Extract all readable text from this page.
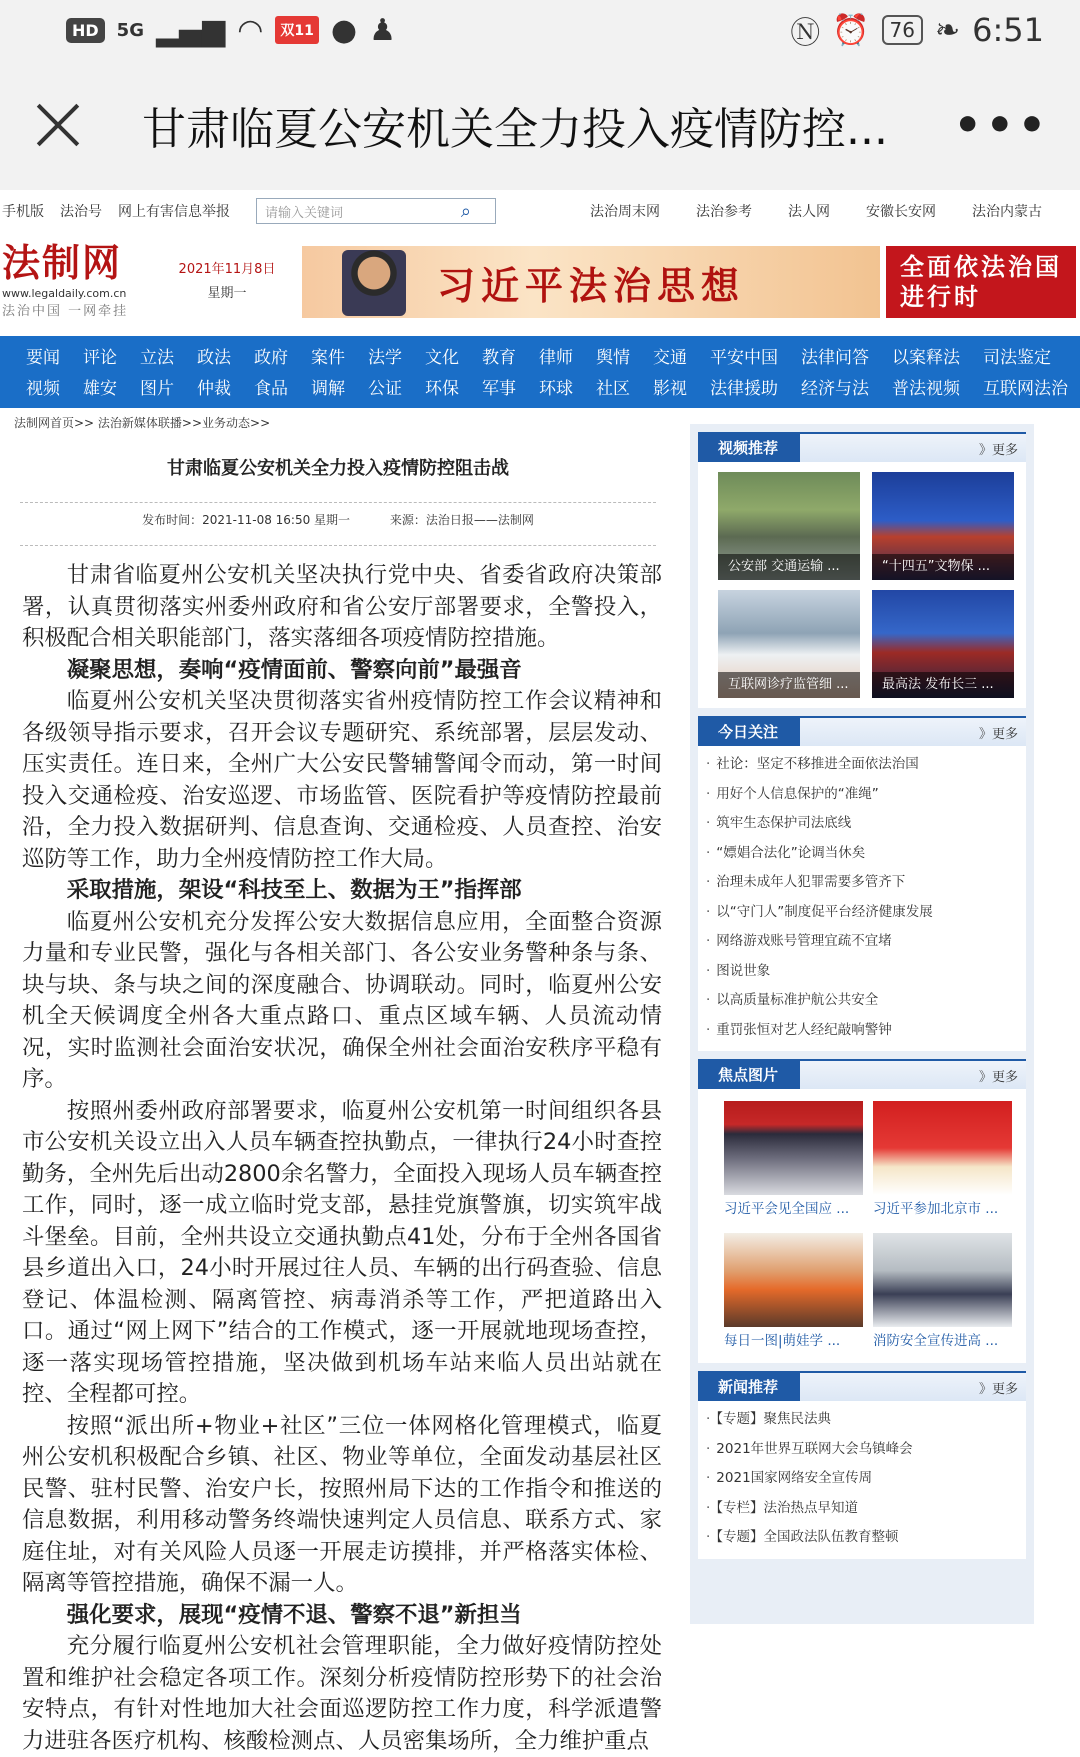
HD	5G ▂▄▆ ◠	双11 ● ♟	Ⓝ ⏰	76 ❧ 6:51
甘肃临夏公安机关全力投入疫情防控...	•••
手机版 法治号 网上有害信息举报	请输入关键词	⌕	法治周末网	法治参考	法人网	安徽长安网	法治内蒙古
法制网
www.legaldaily.com.cn
法治中国 一网牵挂
2021年11月8日
星期一	习近平法治思想	全面依法治国进行时
要闻 评论 立法 政法 政府 案件 法学 文化 教育 律师 舆情 交通 平安中国 法律问答 以案释法 司法鉴定
视频 雄安 图片 仲裁 食品 调解 公证 环保 军事 环球 社区 影视 法律援助 经济与法 普法视频 互联网法治
法制网首页>> 法治新媒体联播>>业务动态>>
甘肃临夏公安机关全力投入疫情防控阻击战
发布时间：2021-11-08 16:50 星期一	来源：法治日报——法制网

甘肃省临夏州公安机关坚决执行党中央、省委省政府决策部署，认真贯彻落实州委州政府和省公安厅部署要求，全警投入，积极配合相关职能部门，落实落细各项疫情防控措施。

凝聚思想，奏响“疫情面前、警察向前”最强音

临夏州公安机关坚决贯彻落实省州疫情防控工作会议精神和各级领导指示要求，召开会议专题研究、系统部署，层层发动、压实责任。连日来，全州广大公安民警辅警闻令而动，第一时间投入交通检疫、治安巡逻、市场监管、医院看护等疫情防控最前沿，全力投入数据研判、信息查询、交通检疫、人员查控、治安巡防等工作，助力全州疫情防控工作大局。

采取措施，架设“科技至上、数据为王”指挥部

临夏州公安机充分发挥公安大数据信息应用，全面整合资源力量和专业民警，强化与各相关部门、各公安业务警种条与条、块与块、条与块之间的深度融合、协调联动。同时，临夏州公安机全天候调度全州各大重点路口、重点区域车辆、人员流动情况，实时监测社会面治安状况，确保全州社会面治安秩序平稳有序。

按照州委州政府部署要求，临夏州公安机第一时间组织各县市公安机关设立出入人员车辆查控执勤点，一律执行24小时查控勤务，全州先后出动2800余名警力，全面投入现场人员车辆查控工作，同时，逐一成立临时党支部，悬挂党旗警旗，切实筑牢战斗堡垒。目前，全州共设立交通执勤点41处，分布于全州各国省县乡道出入口，24小时开展过往人员、车辆的出行码查验、信息登记、体温检测、隔离管控、病毒消杀等工作，严把道路出入口。通过“网上网下”结合的工作模式，逐一开展就地现场查控，逐一落实现场管控措施，坚决做到机场车站来临人员出站就在控、全程都可控。

按照“派出所+物业+社区”三位一体网格化管理模式，临夏州公安机积极配合乡镇、社区、物业等单位，全面发动基层社区民警、驻村民警、治安户长，按照州局下达的工作指令和推送的信息数据，利用移动警务终端快速判定人员信息、联系方式、家庭住址，对有关风险人员逐一开展走访摸排，并严格落实体检、隔离等管控措施，确保不漏一人。

强化要求，展现“疫情不退、警察不退”新担当

充分履行临夏州公安机社会管理职能，全力做好疫情防控处置和维护社会稳定各项工作。深刻分析疫情防控形势下的社会治安特点，有针对性地加大社会面巡逻防控工作力度，科学派遣警力进驻各医疗机构、核酸检测点、人员密集场所，全力维护重点

视频推荐	》更多
公安部 交通运输 ...	“十四五”文物保 ...
互联网诊疗监管细 ...	最高法 发布长三 ...
今日关注	》更多
· 社论：坚定不移推进全面依法治国
· 用好个人信息保护的“准绳”
· 筑牢生态保护司法底线
· “嫖娼合法化”论调当休矣
· 治理未成年人犯罪需要多管齐下
· 以“守门人”制度促平台经济健康发展
· 网络游戏账号管理宜疏不宜堵
· 图说世象
· 以高质量标准护航公共安全
· 重罚张恒对艺人经纪敲响警钟
焦点图片	》更多
习近平会见全国应 ...	习近平参加北京市 ...
每日一图|萌娃学 ...	消防安全宣传进高 ...
新闻推荐	》更多
· 【专题】聚焦民法典
· 2021年世界互联网大会乌镇峰会
· 2021国家网络安全宣传周
· 【专栏】法治热点早知道
· 【专题】全国政法队伍教育整顿
